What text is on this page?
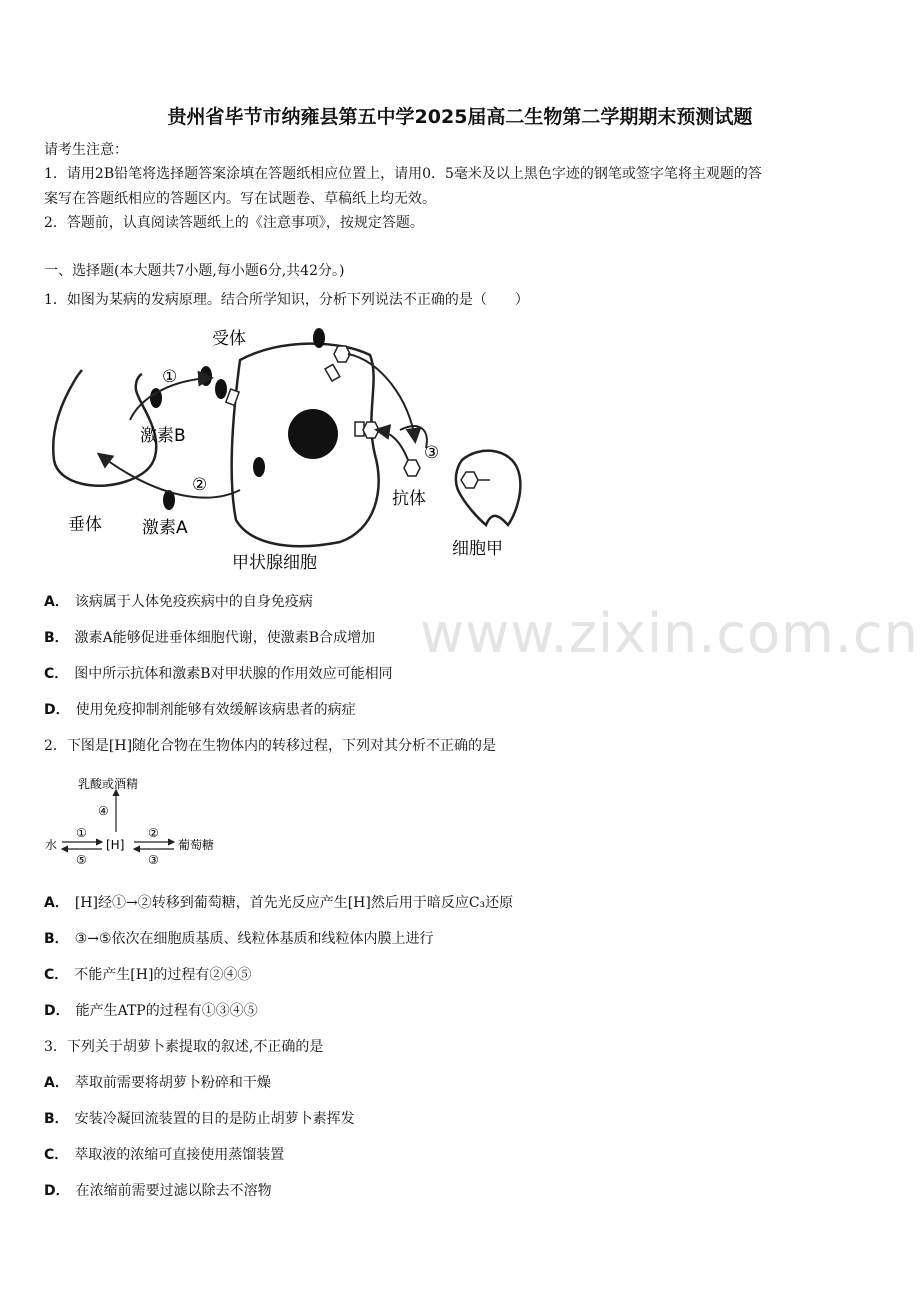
www.zixin.com.cn
贵州省毕节市纳雍县第五中学2025届高二生物第二学期期末预测试题
请考生注意：
1．请用2B铅笔将选择题答案涂填在答题纸相应位置上，请用0．5毫米及以上黑色字迹的钢笔或签字笔将主观题的答
案写在答题纸相应的答题区内。写在试题卷、草稿纸上均无效。
2．答题前，认真阅读答题纸上的《注意事项》，按规定答题。
一、选择题(本大题共7小题,每小题6分,共42分。)
1．如图为某病的发病原理。结合所学知识，分析下列说法不正确的是（　　）
受体
激素B
激素A
垂体
甲状腺细胞
抗体
细胞甲
①
②
③
A． 该病属于人体免疫疾病中的自身免疫病
B． 激素A能够促进垂体细胞代谢，使激素B合成增加
C． 图中所示抗体和激素B对甲状腺的作用效应可能相同
D． 使用免疫抑制剂能够有效缓解该病患者的病症
2．下图是[H]随化合物在生物体内的转移过程，下列对其分析不正确的是
乳酸或酒精
④
水	[H]	葡萄糖
①
⑤
②
③
A． [H]经①→②转移到葡萄糖，首先光反应产生[H]然后用于暗反应C₃还原
B． ③→⑤依次在细胞质基质、线粒体基质和线粒体内膜上进行
C． 不能产生[H]的过程有②④⑤
D． 能产生ATP的过程有①③④⑤
3．下列关于胡萝卜素提取的叙述,不正确的是
A． 萃取前需要将胡萝卜粉碎和干燥
B． 安装冷凝回流装置的目的是防止胡萝卜素挥发
C． 萃取液的浓缩可直接使用蒸馏装置
D． 在浓缩前需要过滤以除去不溶物
